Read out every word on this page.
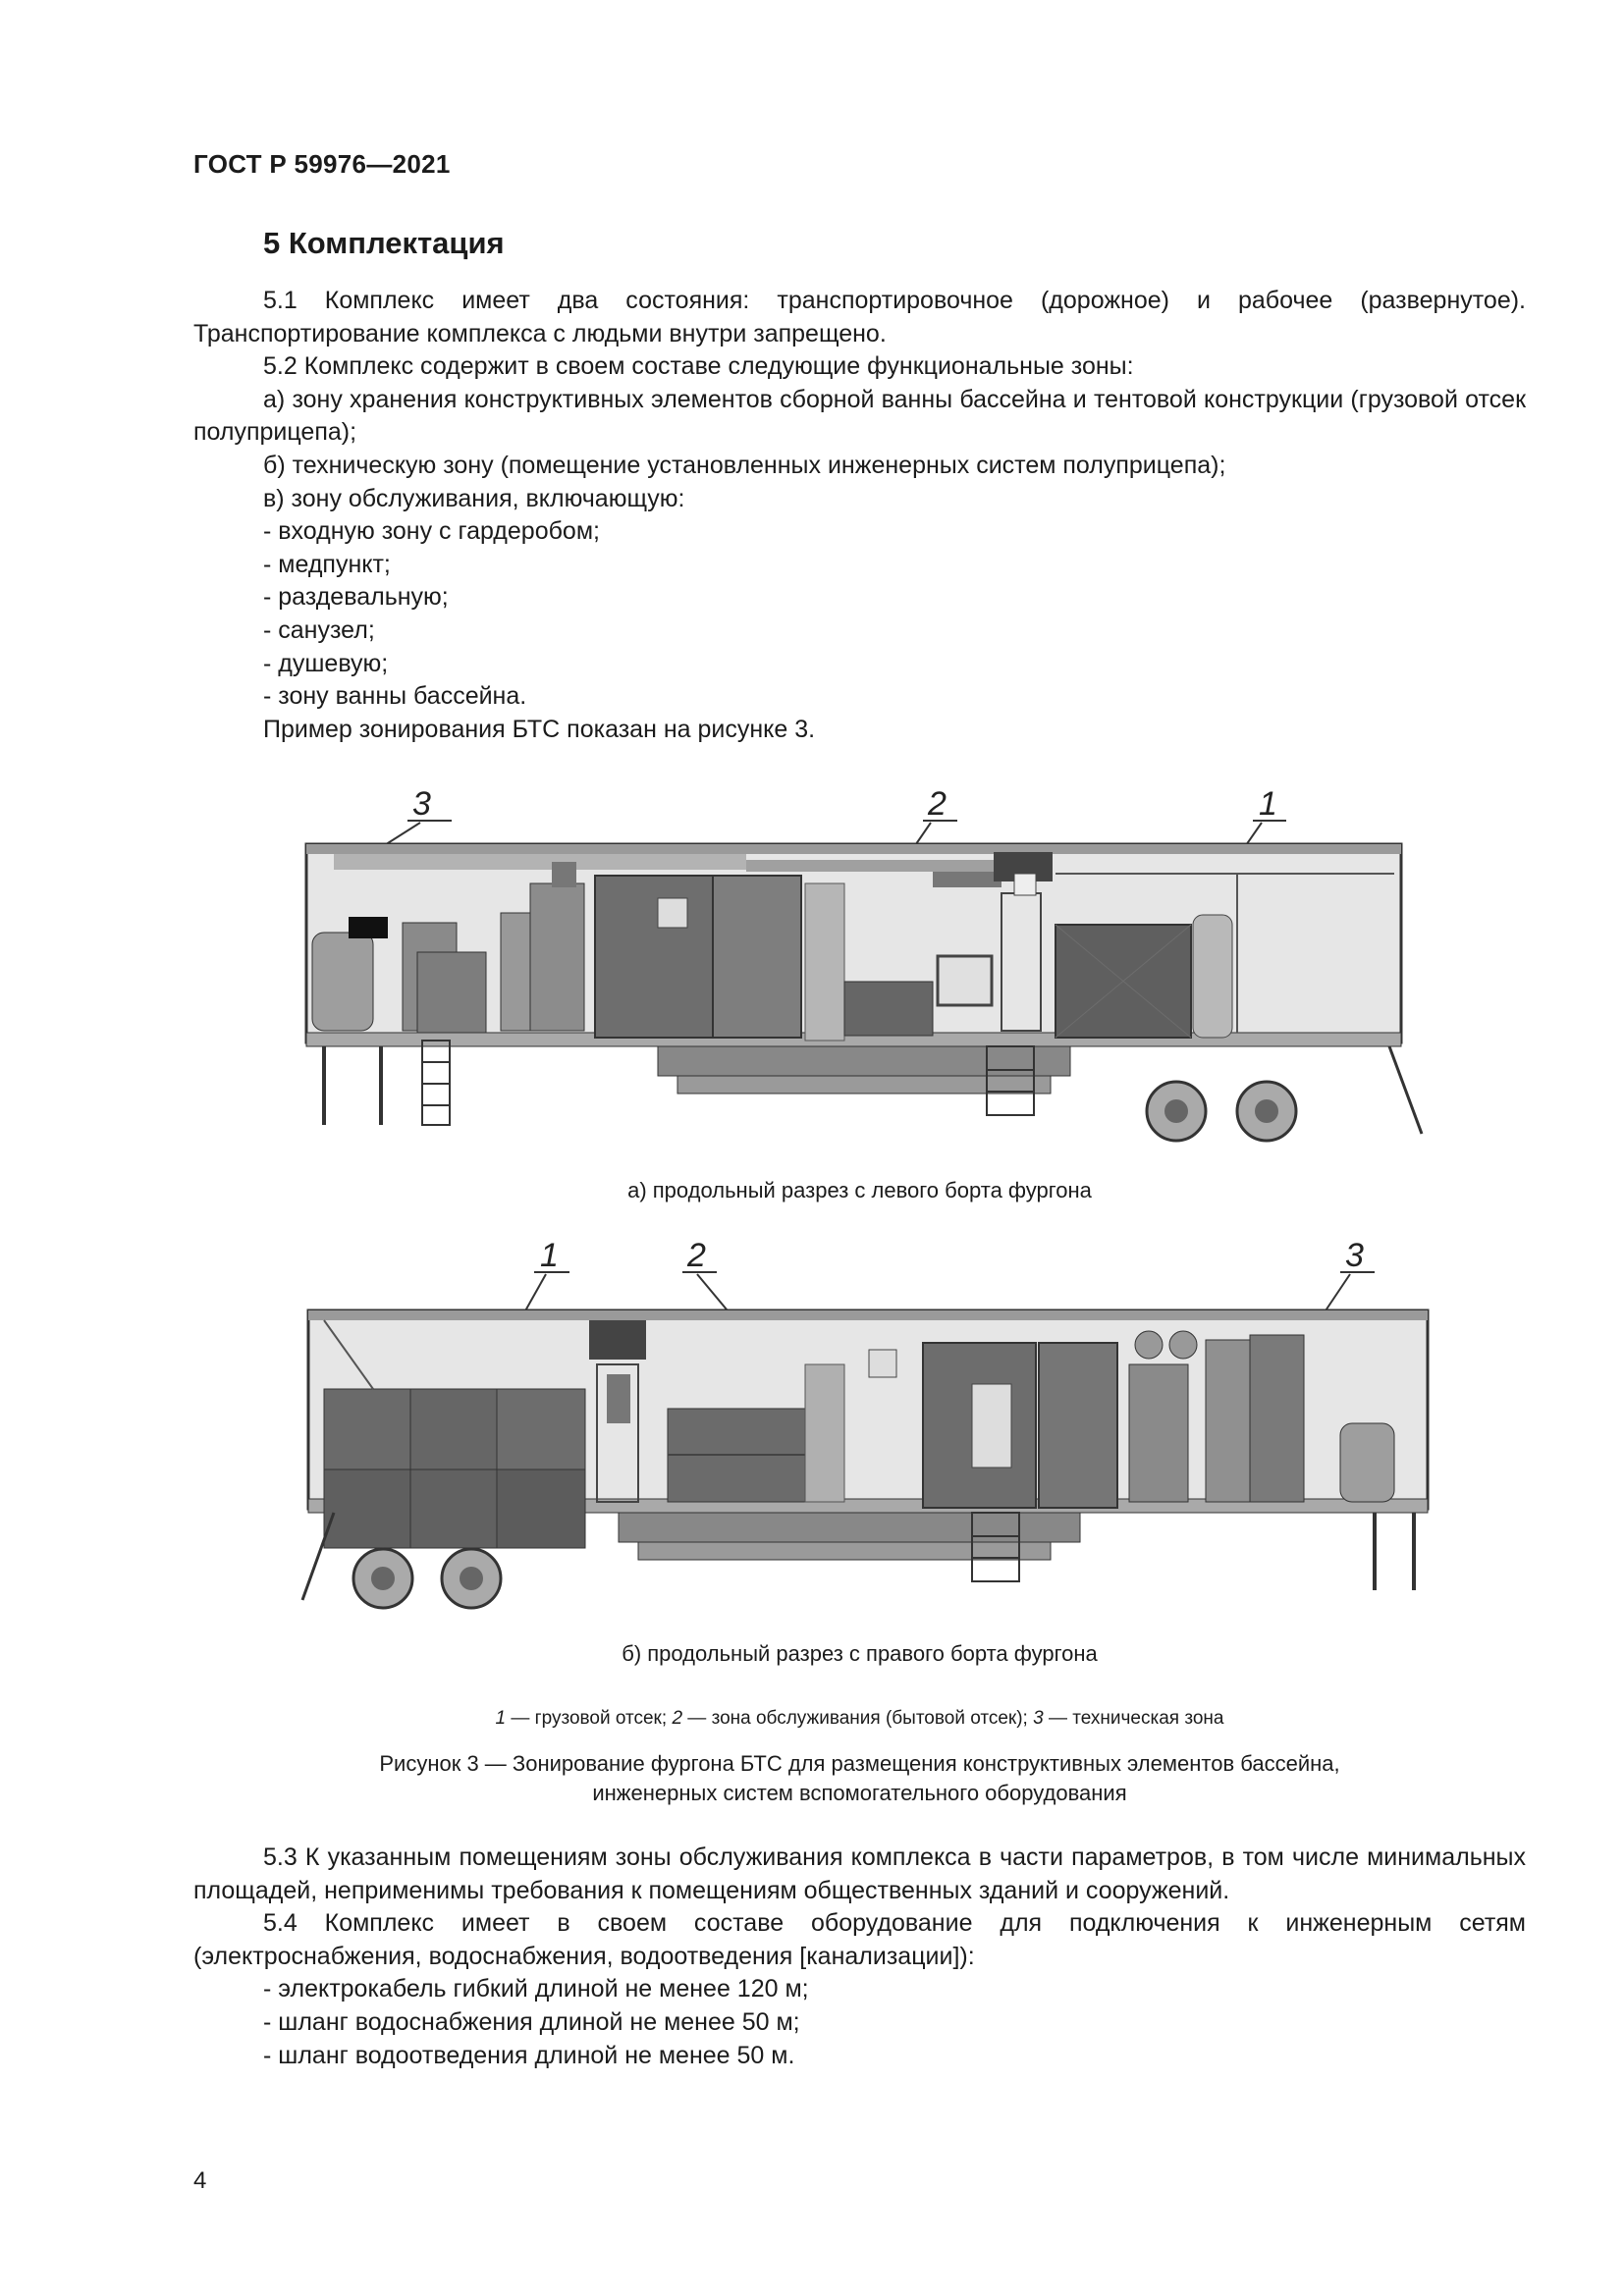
ГОСТ Р 59976—2021
5 Комплектация

5.1 Комплекс имеет два состояния: транспортировочное (дорожное) и рабочее (развернутое). Транспортирование комплекса с людьми внутри запрещено.

5.2 Комплекс содержит в своем составе следующие функциональные зоны:

а) зону хранения конструктивных элементов сборной ванны бассейна и тентовой конструкции (грузовой отсек полуприцепа);

б) техническую зону (помещение установленных инженерных систем полуприцепа);

в) зону обслуживания, включающую:

- входную зону с гардеробом;

- медпункт;

- раздевальную;

- санузел;

- душевую;

- зону ванны бассейна.

Пример зонирования БТС показан на рисунке 3.

3	2	1
а) продольный разрез с левого борта фургона
1	2	3
б) продольный разрез с правого борта фургона
1 — грузовой отсек; 2 — зона обслуживания (бытовой отсек); 3 — техническая зона
Рисунок 3 — Зонирование фургона БТС для размещения конструктивных элементов бассейна,
инженерных систем вспомогательного оборудования

5.3 К указанным помещениям зоны обслуживания комплекса в части параметров, в том числе минимальных площадей, неприменимы требования к помещениям общественных зданий и сооружений.

5.4 Комплекс имеет в своем составе оборудование для подключения к инженерным сетям (электроснабжения, водоснабжения, водоотведения [канализации]):

- электрокабель гибкий длиной не менее 120 м;

- шланг водоснабжения длиной не менее 50 м;

- шланг водоотведения длиной не менее 50 м.

4
